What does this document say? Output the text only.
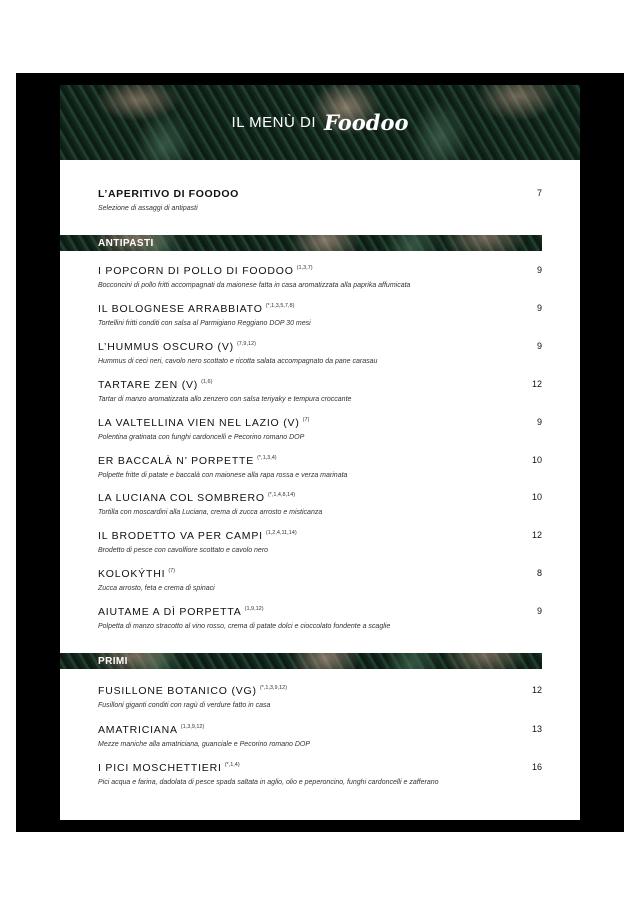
IL MENÙ DI Foodoo
L’APERITIVO DI FOODOO
Selezione di assaggi di antipasti
7
ANTIPASTI
I POPCORN DI POLLO DI FOODOO $^{(1,3,7)}$
Bocconcini di pollo fritti accompagnati da maionese fatta in casa aromatizzata alla paprika affumicata
9
IL BOLOGNESE ARRABBIATO $^{(*,1,3,5,7,8)}$
Tortellini fritti conditi con salsa al Parmigiano Reggiano DOP 30 mesi
9
L’HUMMUS OSCURO (V) $^{(7,9,12)}$
Hummus di ceci neri, cavolo nero scottato e ricotta salata accompagnato da pane carasau
9
TARTARE ZEN (V) $^{(1,6)}$
Tartar di manzo aromatizzata allo zenzero con salsa teriyaky e tempura croccante
12
LA VALTELLINA VIEN NEL LAZIO (V) $^{(7)}$
Polentina gratinata con funghi cardoncelli e Pecorino romano DOP
9
ER BACCALÀ N’ PORPETTE $^{(*,1,3,4)}$
Polpette fritte di patate e baccalà con maionese alla rapa rossa e verza marinata
10
LA LUCIANA COL SOMBRERO $^{(*,1,4,8,14)}$
Tortilla con moscardini alla Luciana, crema di zucca arrosto e misticanza
10
IL BRODETTO VA PER CAMPI $^{(1,2,4,11,14)}$
Brodetto di pesce con cavolfiore scottato e cavolo nero
12
KOLOKÝTHI $^{(7)}$
Zucca arrosto, feta e crema di spinaci
8
AIUTAME A DÌ PORPETTA $^{(1,9,12)}$
Polpetta di manzo stracotto al vino rosso, crema di patate dolci e cioccolato fondente a scaglie
9
PRIMI
FUSILLONE BOTANICO (VG) $^{(*,1,3,9,12)}$
Fusilloni giganti conditi con ragù di verdure fatto in casa
12
AMATRICIANA $^{(1,3,9,12)}$
Mezze maniche alla amatriciana, guanciale e Pecorino romano DOP
13
I PICI MOSCHETTIERI $^{(*,1,4)}$
Pici acqua e farina, dadolata di pesce spada saltata in aglio, olio e peperoncino, funghi cardoncelli e zafferano
16
